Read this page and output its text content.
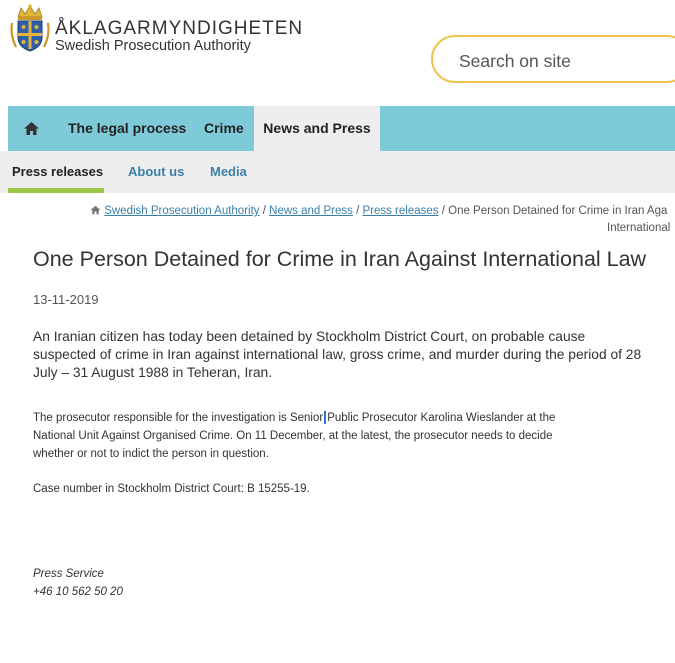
ÅKLAGARMYNDIGHETEN
Swedish Prosecution Authority
Search on site
The legal process Crime	News and Press
Press releases About us Media
Swedish Prosecution Authority / News and Press / Press releases / One Person Detained for Crime in Iran Aga
International
One Person Detained for Crime in Iran Against International Law
13-11-2019

An Iranian citizen has today been detained by Stockholm District Court, on probable cause suspected of crime in Iran against international law, gross crime, and murder during the period of 28 July – 31 August 1988 in Teheran, Iran.

The prosecutor responsible for the investigation is Senior Public Prosecutor Karolina Wieslander at the National Unit Against Organised Crime. On 11 December, at the latest, the prosecutor needs to decide whether or not to indict the person in question.

Case number in Stockholm District Court: B 15255-19.

Press Service
+46 10 562 50 20
